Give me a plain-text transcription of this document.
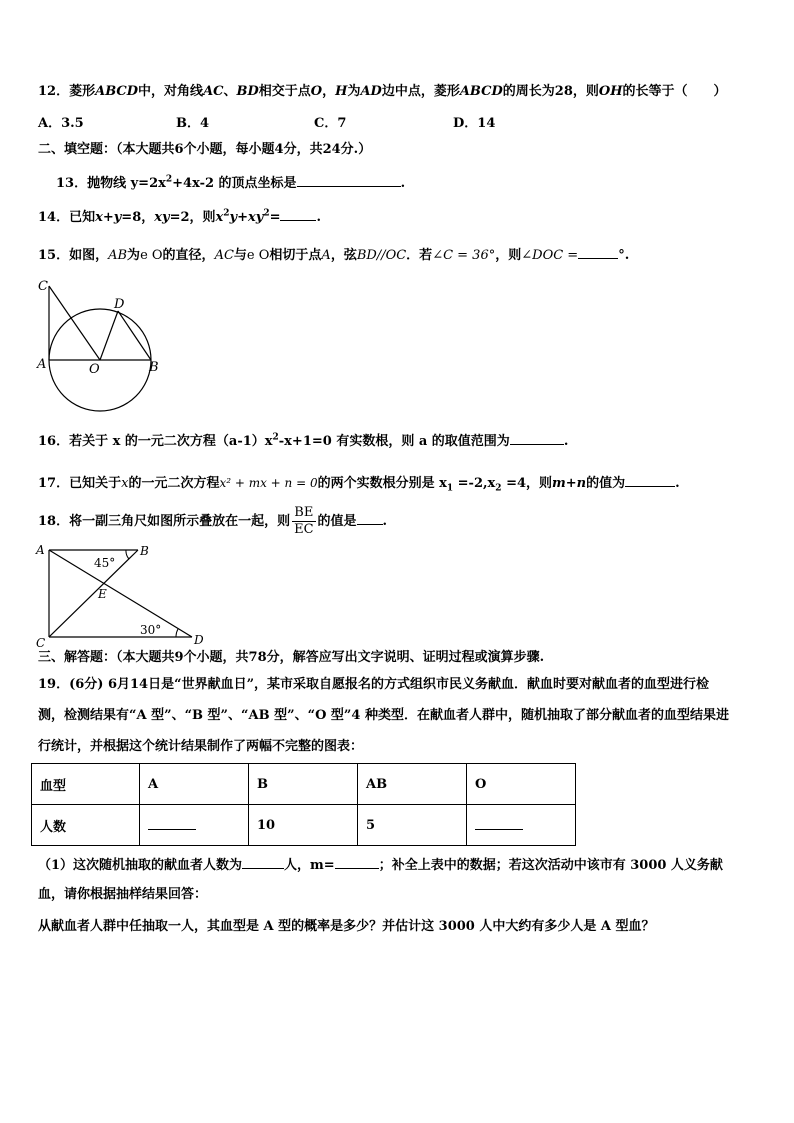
12．菱形ABCD中，对角线AC、BD相交于点O，H为AD边中点，菱形ABCD的周长为28，则OH的长等于（　　）
A．3.5	B．4	C．7	D．14
二、填空题：（本大题共6个小题，每小题4分，共24分.）
13．抛物线 $y=2x^2+4x-2$ 的顶点坐标是	.
14．已知x+y=8，xy=2，则$x^2y+xy^2=$	.
15．如图，AB为e O的直径，AC与e O相切于点A，弦BD//OC．若∠C = 36°，则∠DOC =	°.
C
D
A	O	B
16．若关于 x 的一元二次方程$(a-1)x^2-x+1=0$ 有实数根，则 a 的取值范围为	.
17．已知关于x的一元二次方程x² + mx + n = 0的两个实数根分别是 $x_1 =-2,x_2 =4$，则m+n的值为	.
18．将一副三角尺如图所示叠放在一起，则 $\frac{BE}{EC}$ 的值是 .
A	B
C	D
E
45°
30°
三、解答题：（本大题共9个小题，共78分，解答应写出文字说明、证明过程或演算步骤.
19．(6分) 6月14日是“世界献血日”，某市采取自愿报名的方式组织市民义务献血．献血时要对献血者的血型进行检
测，检测结果有“A 型”、“B 型”、“AB 型”、“O 型”4 种类型．在献血者人群中，随机抽取了部分献血者的血型结果进
行统计，并根据这个统计结果制作了两幅不完整的图表：
血型	A	B	AB	O
人数		10	5	
（1）这次随机抽取的献血者人数为	人，m=	；补全上表中的数据；若这次活动中该市有 3000 人义务献
血，请你根据抽样结果回答：
从献血者人群中任抽取一人，其血型是 A 型的概率是多少？并估计这 3000 人中大约有多少人是 A 型血？
